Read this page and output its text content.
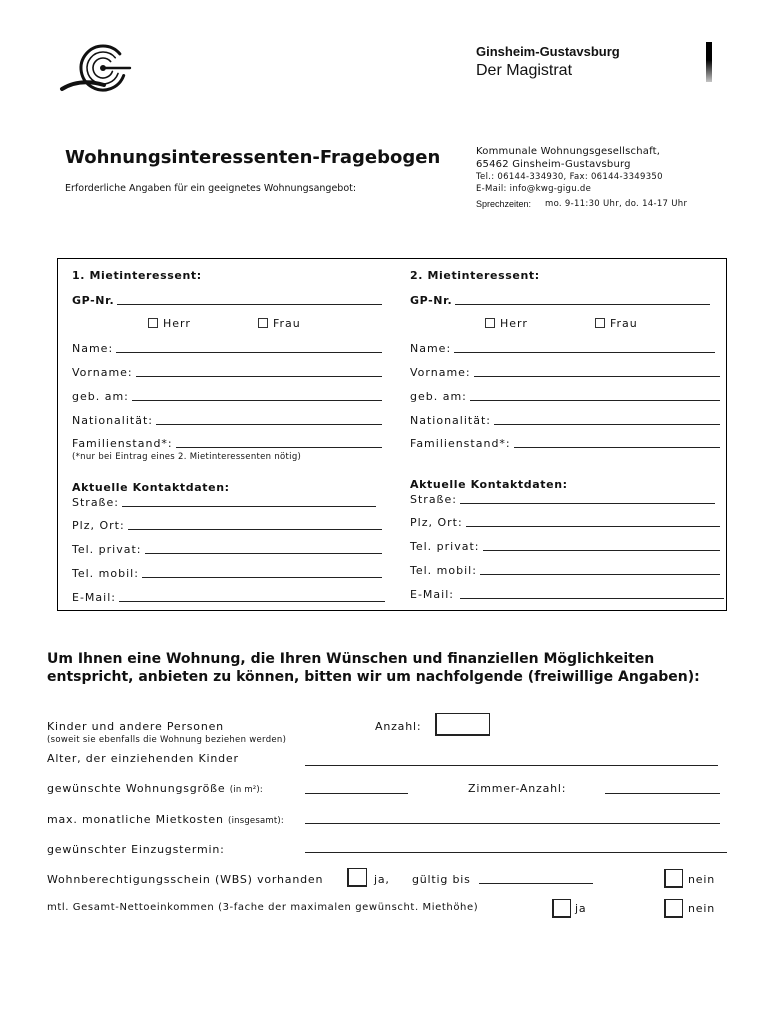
Ginsheim-Gustavsburg
Der Magistrat
Wohnungsinteressenten-Fragebogen
Erforderliche Angaben für ein geeignetes Wohnungsangebot:
Kommunale Wohnungsgesellschaft,
65462 Ginsheim-Gustavsburg
Tel.: 06144-334930, Fax: 06144-3349350
E-Mail: info@kwg-gigu.de
Sprechzeiten: mo. 9-11:30 Uhr, do. 14-17 Uhr
1. Mietinteressent:
GP-Nr.
Herr	Frau
Name:
Vorname:
geb. am:
Nationalität:
Familienstand*:
(*nur bei Eintrag eines 2. Mietinteressenten nötig)
Aktuelle Kontaktdaten:
Straße:
Plz, Ort:
Tel. privat:
Tel. mobil:
E-Mail:
2. Mietinteressent:
GP-Nr.
Herr	Frau
Name:
Vorname:
geb. am:
Nationalität:
Familienstand*:
Aktuelle Kontaktdaten:
Straße:
Plz, Ort:
Tel. privat:
Tel. mobil:
E-Mail:
Um Ihnen eine Wohnung, die Ihren Wünschen und finanziellen Möglichkeiten
entspricht, anbieten zu können, bitten wir um nachfolgende (freiwillige Angaben):
Kinder und andere Personen	Anzahl:
(soweit sie ebenfalls die Wohnung beziehen werden)
Alter, der einziehenden Kinder
gewünschte Wohnungsgröße (in m²):	Zimmer-Anzahl:
max. monatliche Mietkosten (insgesamt):
gewünschter Einzugstermin:
Wohnberechtigungsschein (WBS) vorhanden	ja, gültig bis	nein
mtl. Gesamt-Nettoeinkommen (3-fache der maximalen gewünscht. Miethöhe)	ja	nein
